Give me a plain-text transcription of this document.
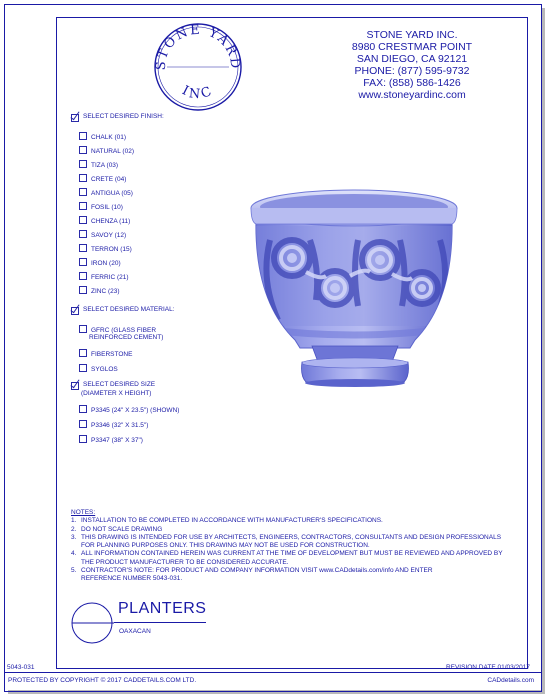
STONE YARD
INC
STONE YARD INC.
8980 CRESTMAR POINT
SAN DIEGO, CA 92121
PHONE: (877) 595-9732
FAX: (858) 586-1426
www.stoneyardinc.com
SELECT DESIRED FINISH:
CHALK (01)
NATURAL (02)
TIZA (03)
CRETE (04)
ANTIGUA (05)
FOSIL (10)
CHENZA (11)
SAVOY (12)
TERRON (15)
IRON (20)
FERRIC (21)
ZINC (23)
SELECT DESIRED MATERIAL:
GFRC (GLASS FIBER
REINFORCED CEMENT)
FIBERSTONE
SYGLOS
SELECT DESIRED SIZE
(DIAMETER X HEIGHT)
P3345 (24" X 23.5") (SHOWN)
P3346 (32" X 31.5")
P3347 (38" X 37")
NOTES:
1. INSTALLATION TO BE COMPLETED IN ACCORDANCE WITH MANUFACTURER'S SPECIFICATIONS.
2. DO NOT SCALE DRAWING
3. THIS DRAWING IS INTENDED FOR USE BY ARCHITECTS, ENGINEERS, CONTRACTORS, CONSULTANTS AND DESIGN PROFESSIONALS
FOR PLANNING PURPOSES ONLY. THIS DRAWING MAY NOT BE USED FOR CONSTRUCTION.
4. ALL INFORMATION CONTAINED HEREIN WAS CURRENT AT THE TIME OF DEVELOPMENT BUT MUST BE REVIEWED AND APPROVED BY
THE PRODUCT MANUFACTURER TO BE CONSIDERED ACCURATE.
5. CONTRACTOR'S NOTE: FOR PRODUCT AND COMPANY INFORMATION VISIT www.CADdetails.com/info AND ENTER
REFERENCE NUMBER 5043-031.
PLANTERS
OAXACAN
5043-031	REVISION DATE 01/03/2017
PROTECTED BY COPYRIGHT © 2017 CADDETAILS.COM LTD.	CADdetails.com
